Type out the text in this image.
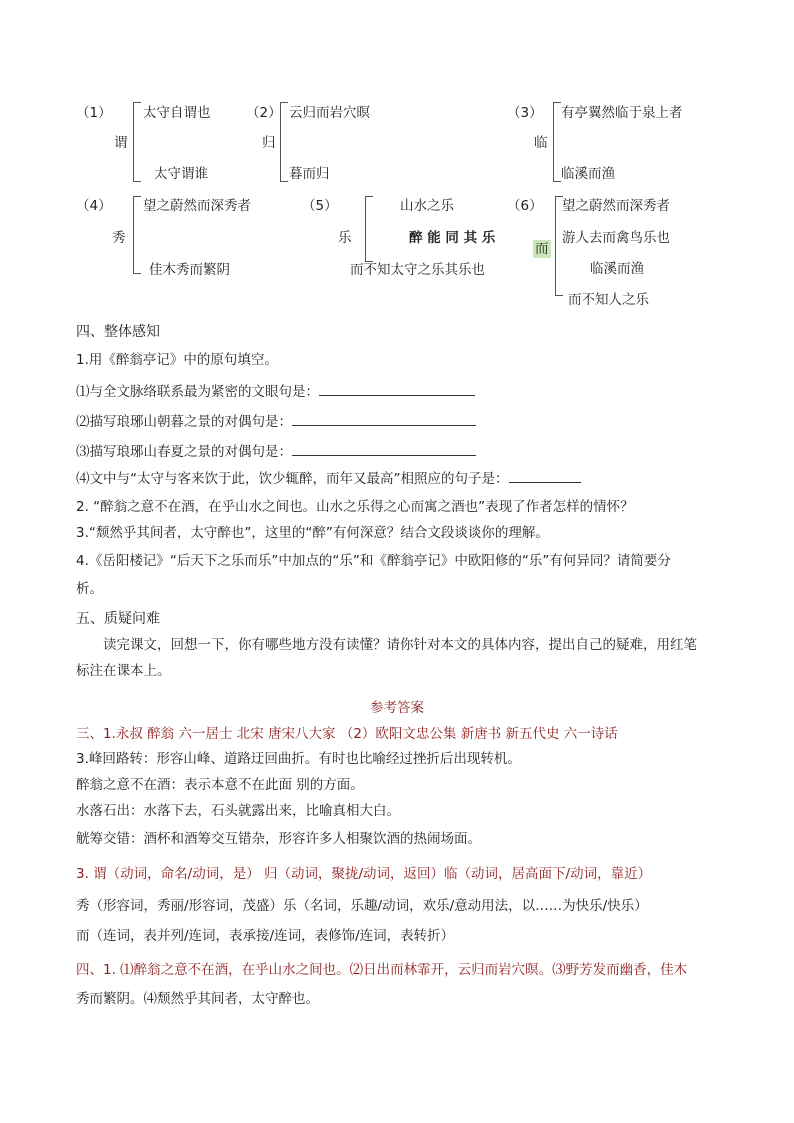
（1）
谓
太守自谓也
太守谓谁
（2）
归
云归而岩穴暝
暮而归
（3）
临
有亭翼然临于泉上者
临溪而渔
（4）
秀
望之蔚然而深秀者
佳木秀而繁阴
（5）
乐
山水之乐
醉 能 同 其 乐
而不知太守之乐其乐也
（6）
而
望之蔚然而深秀者
游人去而禽鸟乐也
临溪而渔
而不知人之乐
四、整体感知
1.用《醉翁亭记》中的原句填空。
⑴与全文脉络联系最为紧密的文眼句是：
⑵描写琅琊山朝暮之景的对偶句是：
⑶描写琅琊山春夏之景的对偶句是：
⑷文中与“太守与客来饮于此，饮少辄醉，而年又最高”相照应的句子是：
2. “醉翁之意不在酒，在乎山水之间也。山水之乐得之心而寓之酒也”表现了作者怎样的情怀？
3.“颓然乎其间者，太守醉也”，这里的“醉”有何深意？结合文段谈谈你的理解。
4.《岳阳楼记》“后天下之乐而乐”中加点的“乐”和《醉翁亭记》中欧阳修的“乐”有何异同？请简要分
析。
五、质疑问难
读完课文，回想一下，你有哪些地方没有读懂？请你针对本文的具体内容，提出自己的疑难，用红笔
标注在课本上。
参考答案
三、1.永叔 醉翁 六一居士 北宋 唐宋八大家 （2）欧阳文忠公集 新唐书 新五代史 六一诗话
3.峰回路转：形容山峰、道路迂回曲折。有时也比喻经过挫折后出现转机。
醉翁之意不在酒：表示本意不在此面 别的方面。
水落石出：水落下去，石头就露出来，比喻真相大白。
觥筹交错：酒杯和酒筹交互错杂，形容许多人相聚饮酒的热闹场面。
3. 谓（动词，命名/动词，是） 归（动词，聚拢/动词，返回）临（动词，居高面下/动词，靠近）
秀（形容词，秀丽/形容词，茂盛）乐（名词，乐趣/动词，欢乐/意动用法，以……为快乐/快乐）
而（连词，表并列/连词，表承接/连词，表修饰/连词，表转折）
四、1. ⑴醉翁之意不在酒，在乎山水之间也。⑵日出而林霏开，云归而岩穴暝。⑶野芳发而幽香，佳木
秀而繁阴。⑷颓然乎其间者，太守醉也。
